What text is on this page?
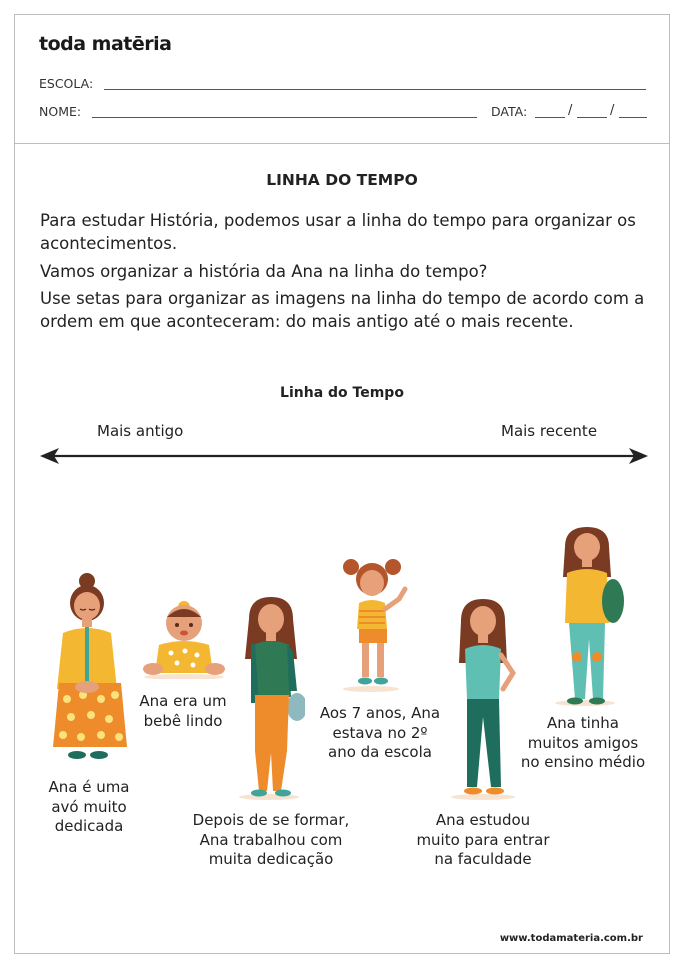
toda matēria
ESCOLA:
NOME:	DATA:	/	/
LINHA DO TEMPO

Para estudar História, podemos usar a linha do tempo para organizar os acontecimentos.

Vamos organizar a história da Ana na linha do tempo?

Use setas para organizar as imagens na linha do tempo de acordo com a ordem em que aconteceram: do mais antigo até o mais recente.

Linha do Tempo
Mais antigo	Mais recente
Ana é uma
avó muito
dedicada
Ana era um
bebê lindo
Depois de se formar,
Ana trabalhou com
muita dedicação
Aos 7 anos, Ana
estava no 2º
ano da escola
Ana estudou
muito para entrar
na faculdade
Ana tinha
muitos amigos
no ensino médio
www.todamateria.com.br
